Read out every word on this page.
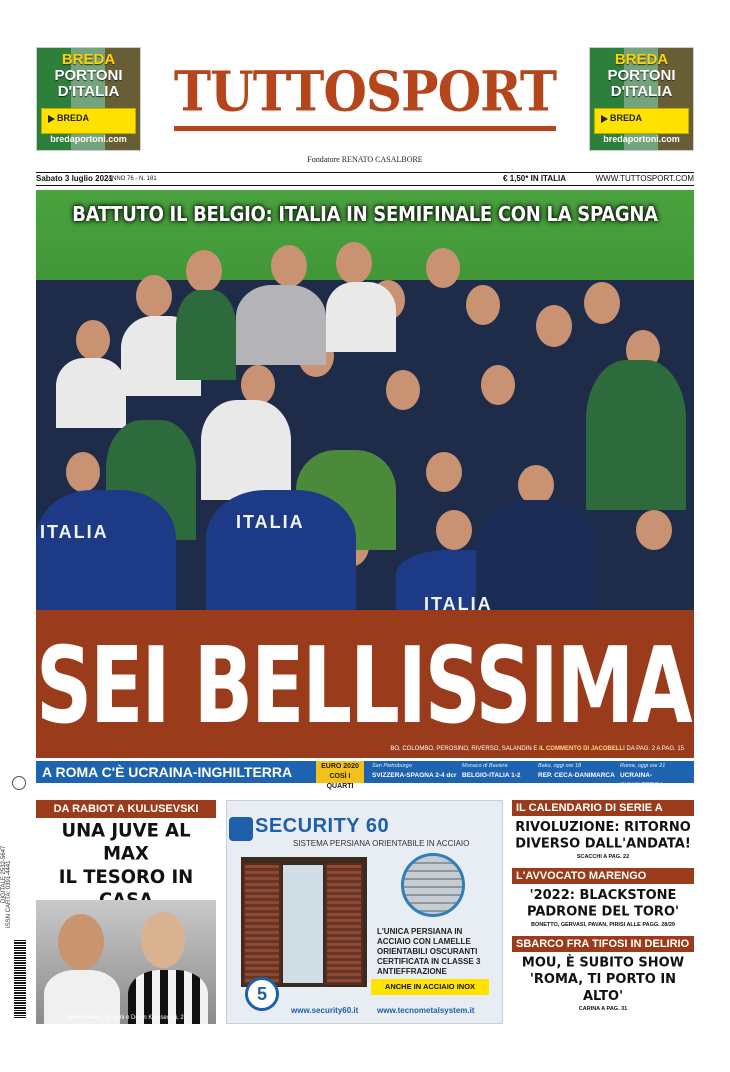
BREDA
PORTONI
D'ITALIA
BREDA
bredaportoni.com
BREDA
PORTONI
D'ITALIA
BREDA
bredaportoni.com
TUTTOSPORT
Fondatore RENATO CASALBORE
Sabato 3 luglio 2021
ANNO 76 - N. 181	€ 1,50* IN ITALIA	WWW.TUTTOSPORT.COM
ITALIA	ITALIA
ITALIA
BATTUTO IL BELGIO: ITALIA IN SEMIFINALE CON LA SPAGNA
SEI BELLISSIMA!
BO, COLOMBO, PEROSINO, RIVERSO, SALANDIN E IL COMMENTO DI JACOBELLI DA PAG. 2 A PAG. 15
A ROMA C'È UCRAINA-INGHILTERRA	EURO 2020
COSÌ I QUARTI
San Pietroburgo
SVIZZERA-SPAGNA 2-4 dcr
Monaco di Baviera
BELGIO-ITALIA 1-2
Baku, oggi ore 18
REP. CECA-DANIMARCA
Roma, oggi ore 21
UCRAINA-INGHILTERRA
DIGITALE 2532-5647 ISSN CARTA: 0391-4441
DA RABIOT A KULUSEVSKI
UNA JUVE AL MAX
IL TESORO IN
Adrien Rabiot, 26 anni e Dejan Kulusevski, 21
SECURITY 60
SISTEMA PERSIANA ORIENTABILE IN ACCIAIO
L'UNICA PERSIANA IN ACCIAIO CON LAMELLE ORIENTABILI OSCURANTI CERTIFICATA IN CLASSE 3 ANTIEFFRAZIONE
ANCHE IN ACCIAIO INOX
5
www.security60.it www.tecnometalsystem.it
IL CALENDARIO DI SERIE A
RIVOLUZIONE: RITORNO DIVERSO DALL'ANDATA!
SCACCHI A PAG. 22
L'AVVOCATO MARENGO
'2022: BLACKSTONE PADRONE DEL TORO'
BONETTO, GERVASI, PAVAN, PIRISI ALLE PAGG. 28/29
SBARCO FRA TIFOSI IN DELIRIO
MOU, È SUBITO SHOW 'ROMA, TI PORTO IN ALTO'
CARINA A PAG. 31
